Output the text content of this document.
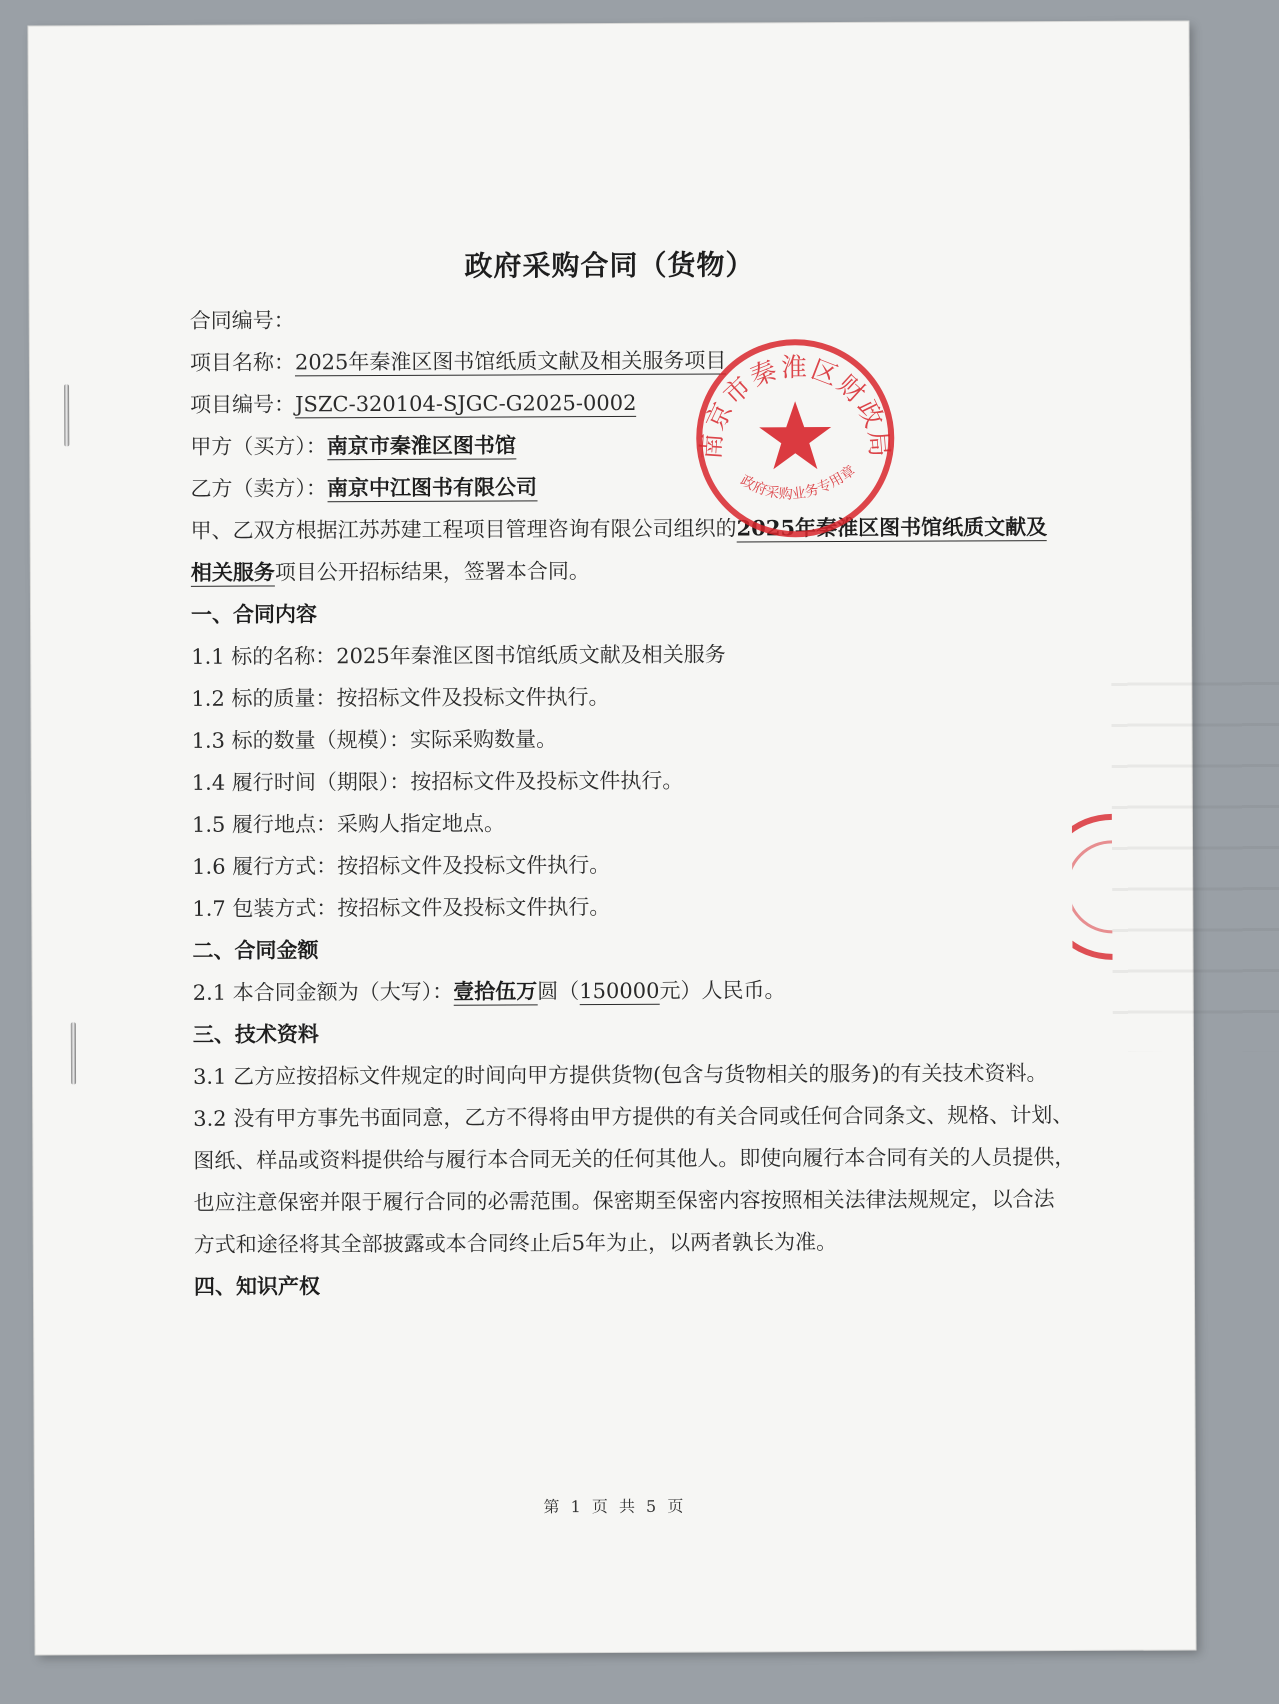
政府采购合同（货物）
合同编号：
项目名称：2025年秦淮区图书馆纸质文献及相关服务项目
项目编号：JSZC-320104-SJGC-G2025-0002
甲方（买方）：南京市秦淮区图书馆
乙方（卖方）：南京中江图书有限公司
甲、乙双方根据江苏苏建工程项目管理咨询有限公司组织的2025年秦淮区图书馆纸质文献及
相关服务项目公开招标结果，签署本合同。
一、合同内容
1.1 标的名称：2025年秦淮区图书馆纸质文献及相关服务
1.2 标的质量：按招标文件及投标文件执行。
1.3 标的数量（规模）：实际采购数量。
1.4 履行时间（期限）：按招标文件及投标文件执行。
1.5 履行地点：采购人指定地点。
1.6 履行方式：按招标文件及投标文件执行。
1.7 包装方式：按招标文件及投标文件执行。
二、合同金额
2.1 本合同金额为（大写）：壹拾伍万圆（150000元）人民币。
三、技术资料
3.1 乙方应按招标文件规定的时间向甲方提供货物(包含与货物相关的服务)的有关技术资料。
3.2 没有甲方事先书面同意，乙方不得将由甲方提供的有关合同或任何合同条文、规格、计划、
图纸、样品或资料提供给与履行本合同无关的任何其他人。即使向履行本合同有关的人员提供，
也应注意保密并限于履行合同的必需范围。保密期至保密内容按照相关法律法规规定，以合法
方式和途径将其全部披露或本合同终止后5年为止，以两者孰长为准。
四、知识产权
第 1 页 共 5 页
南京市秦淮区财政局
政府采购业务专用章
